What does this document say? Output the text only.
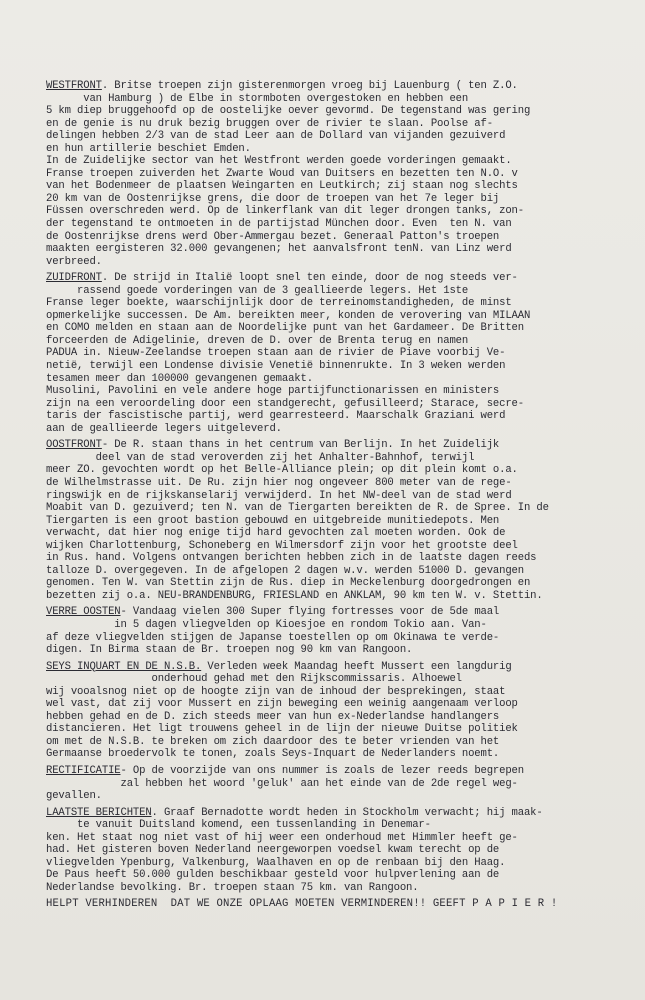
WESTFRONT. Britse troepen zijn gisterenmorgen vroeg bij Lauenburg ( ten Z.O.
van Hamburg ) de Elbe in stormboten overgestoken en hebben een
5 km diep bruggehoofd op de oostelijke oever gevormd. De tegenstand was gering
en de genie is nu druk bezig bruggen over de rivier te slaan. Poolse af-
delingen hebben 2/3 van de stad Leer aan de Dollard van vijanden gezuiverd
en hun artillerie beschiet Emden.
In de Zuidelijke sector van het Westfront werden goede vorderingen gemaakt.
Franse troepen zuiverden het Zwarte Woud van Duitsers en bezetten ten N.O. v
van het Bodenmeer de plaatsen Weingarten en Leutkirch; zij staan nog slechts
20 km van de Oostenrijkse grens, die door de troepen van het 7e leger bij
Füssen overschreden werd. Op de linkerflank van dit leger drongen tanks, zon-
der tegenstand te ontmoeten in de partijstad München door. Even  ten N. van
de Oostenrijkse drens werd Ober-Ammergau bezet. Generaal Patton's troepen
maakten eergisteren 32.000 gevangenen; het aanvalsfront tenN. van Linz werd
verbreed.
ZUIDFRONT. De strijd in Italië loopt snel ten einde, door de nog steeds ver-
rassend goede vorderingen van de 3 geallieerde legers. Het 1ste
Franse leger boekte, waarschijnlijk door de terreinomstandigheden, de minst
opmerkelijke successen. De Am. bereikten meer, konden de verovering van MILAAN
en COMO melden en staan aan de Noordelijke punt van het Gardameer. De Britten
forceerden de Adigelinie, dreven de D. over de Brenta terug en namen
PADUA in. Nieuw-Zeelandse troepen staan aan de rivier de Piave voorbij Ve-
netië, terwijl een Londense divisie Venetië binnenrukte. In 3 weken werden
tesamen meer dan 100000 gevangenen gemaakt.
Musolini, Pavolini en vele andere hoge partijfunctionarissen en ministers
zijn na een veroordeling door een standgerecht, gefusilleerd; Starace, secre-
taris der fascistische partij, werd gearresteerd. Maarschalk Graziani werd
aan de geallieerde legers uitgeleverd.
OOSTFRONT- De R. staan thans in het centrum van Berlijn. In het Zuidelijk
deel van de stad veroverden zij het Anhalter-Bahnhof, terwijl
meer ZO. gevochten wordt op het Belle-Alliance plein; op dit plein komt o.a.
de Wilhelmstrasse uit. De Ru. zijn hier nog ongeveer 800 meter van de rege-
ringswijk en de rijkskanselarij verwijderd. In het NW-deel van de stad werd
Moabit van D. gezuiverd; ten N. van de Tiergarten bereikten de R. de Spree. In de
Tiergarten is een groot bastion gebouwd en uitgebreide munitiedepots. Men
verwacht, dat hier nog enige tijd hard gevochten zal moeten worden. Ook de
wijken Charlottenburg, Schoneberg en Wilmersdorf zijn voor het grootste deel
in Rus. hand. Volgens ontvangen berichten hebben zich in de laatste dagen reeds
talloze D. overgegeven. In de afgelopen 2 dagen w.v. werden 51000 D. gevangen
genomen. Ten W. van Stettin zijn de Rus. diep in Meckelenburg doorgedrongen en
bezetten zij o.a. NEU-BRANDENBURG, FRIESLAND en ANKLAM, 90 km ten W. v. Stettin.
VERRE OOSTEN- Vandaag vielen 300 Super flying fortresses voor de 5de maal
in 5 dagen vliegvelden op Kioesjoe en rondom Tokio aan. Van-
af deze vliegvelden stijgen de Japanse toestellen op om Okinawa te verde-
digen. In Birma staan de Br. troepen nog 90 km van Rangoon.
SEYS INQUART EN DE N.S.B. Verleden week Maandag heeft Mussert een langdurig
onderhoud gehad met den Rijkscommissaris. Alhoewel
wij vooalsnog niet op de hoogte zijn van de inhoud der besprekingen, staat
wel vast, dat zij voor Mussert en zijn beweging een weinig aangenaam verloop
hebben gehad en de D. zich steeds meer van hun ex-Nederlandse handlangers
distancieren. Het ligt trouwens geheel in de lijn der nieuwe Duitse politiek
om met de N.S.B. te breken om zich daardoor des te beter vrienden van het
Germaanse broedervolk te tonen, zoals Seys-Inquart de Nederlanders noemt.
RECTIFICATIE- Op de voorzijde van ons nummer is zoals de lezer reeds begrepen
zal hebben het woord 'geluk' aan het einde van de 2de regel weg-
gevallen.
LAATSTE BERICHTEN. Graaf Bernadotte wordt heden in Stockholm verwacht; hij maak-
te vanuit Duitsland komend, een tussenlanding in Denemar-
ken. Het staat nog niet vast of hij weer een onderhoud met Himmler heeft ge-
had. Het gisteren boven Nederland neergeworpen voedsel kwam terecht op de
vliegvelden Ypenburg, Valkenburg, Waalhaven en op de renbaan bij den Haag.
De Paus heeft 50.000 gulden beschikbaar gesteld voor hulpverlening aan de
Nederlandse bevolking. Br. troepen staan 75 km. van Rangoon.
HELPT VERHINDEREN  DAT WE ONZE OPLAAG MOETEN VERMINDEREN!! GEEFT P A P I E R !
